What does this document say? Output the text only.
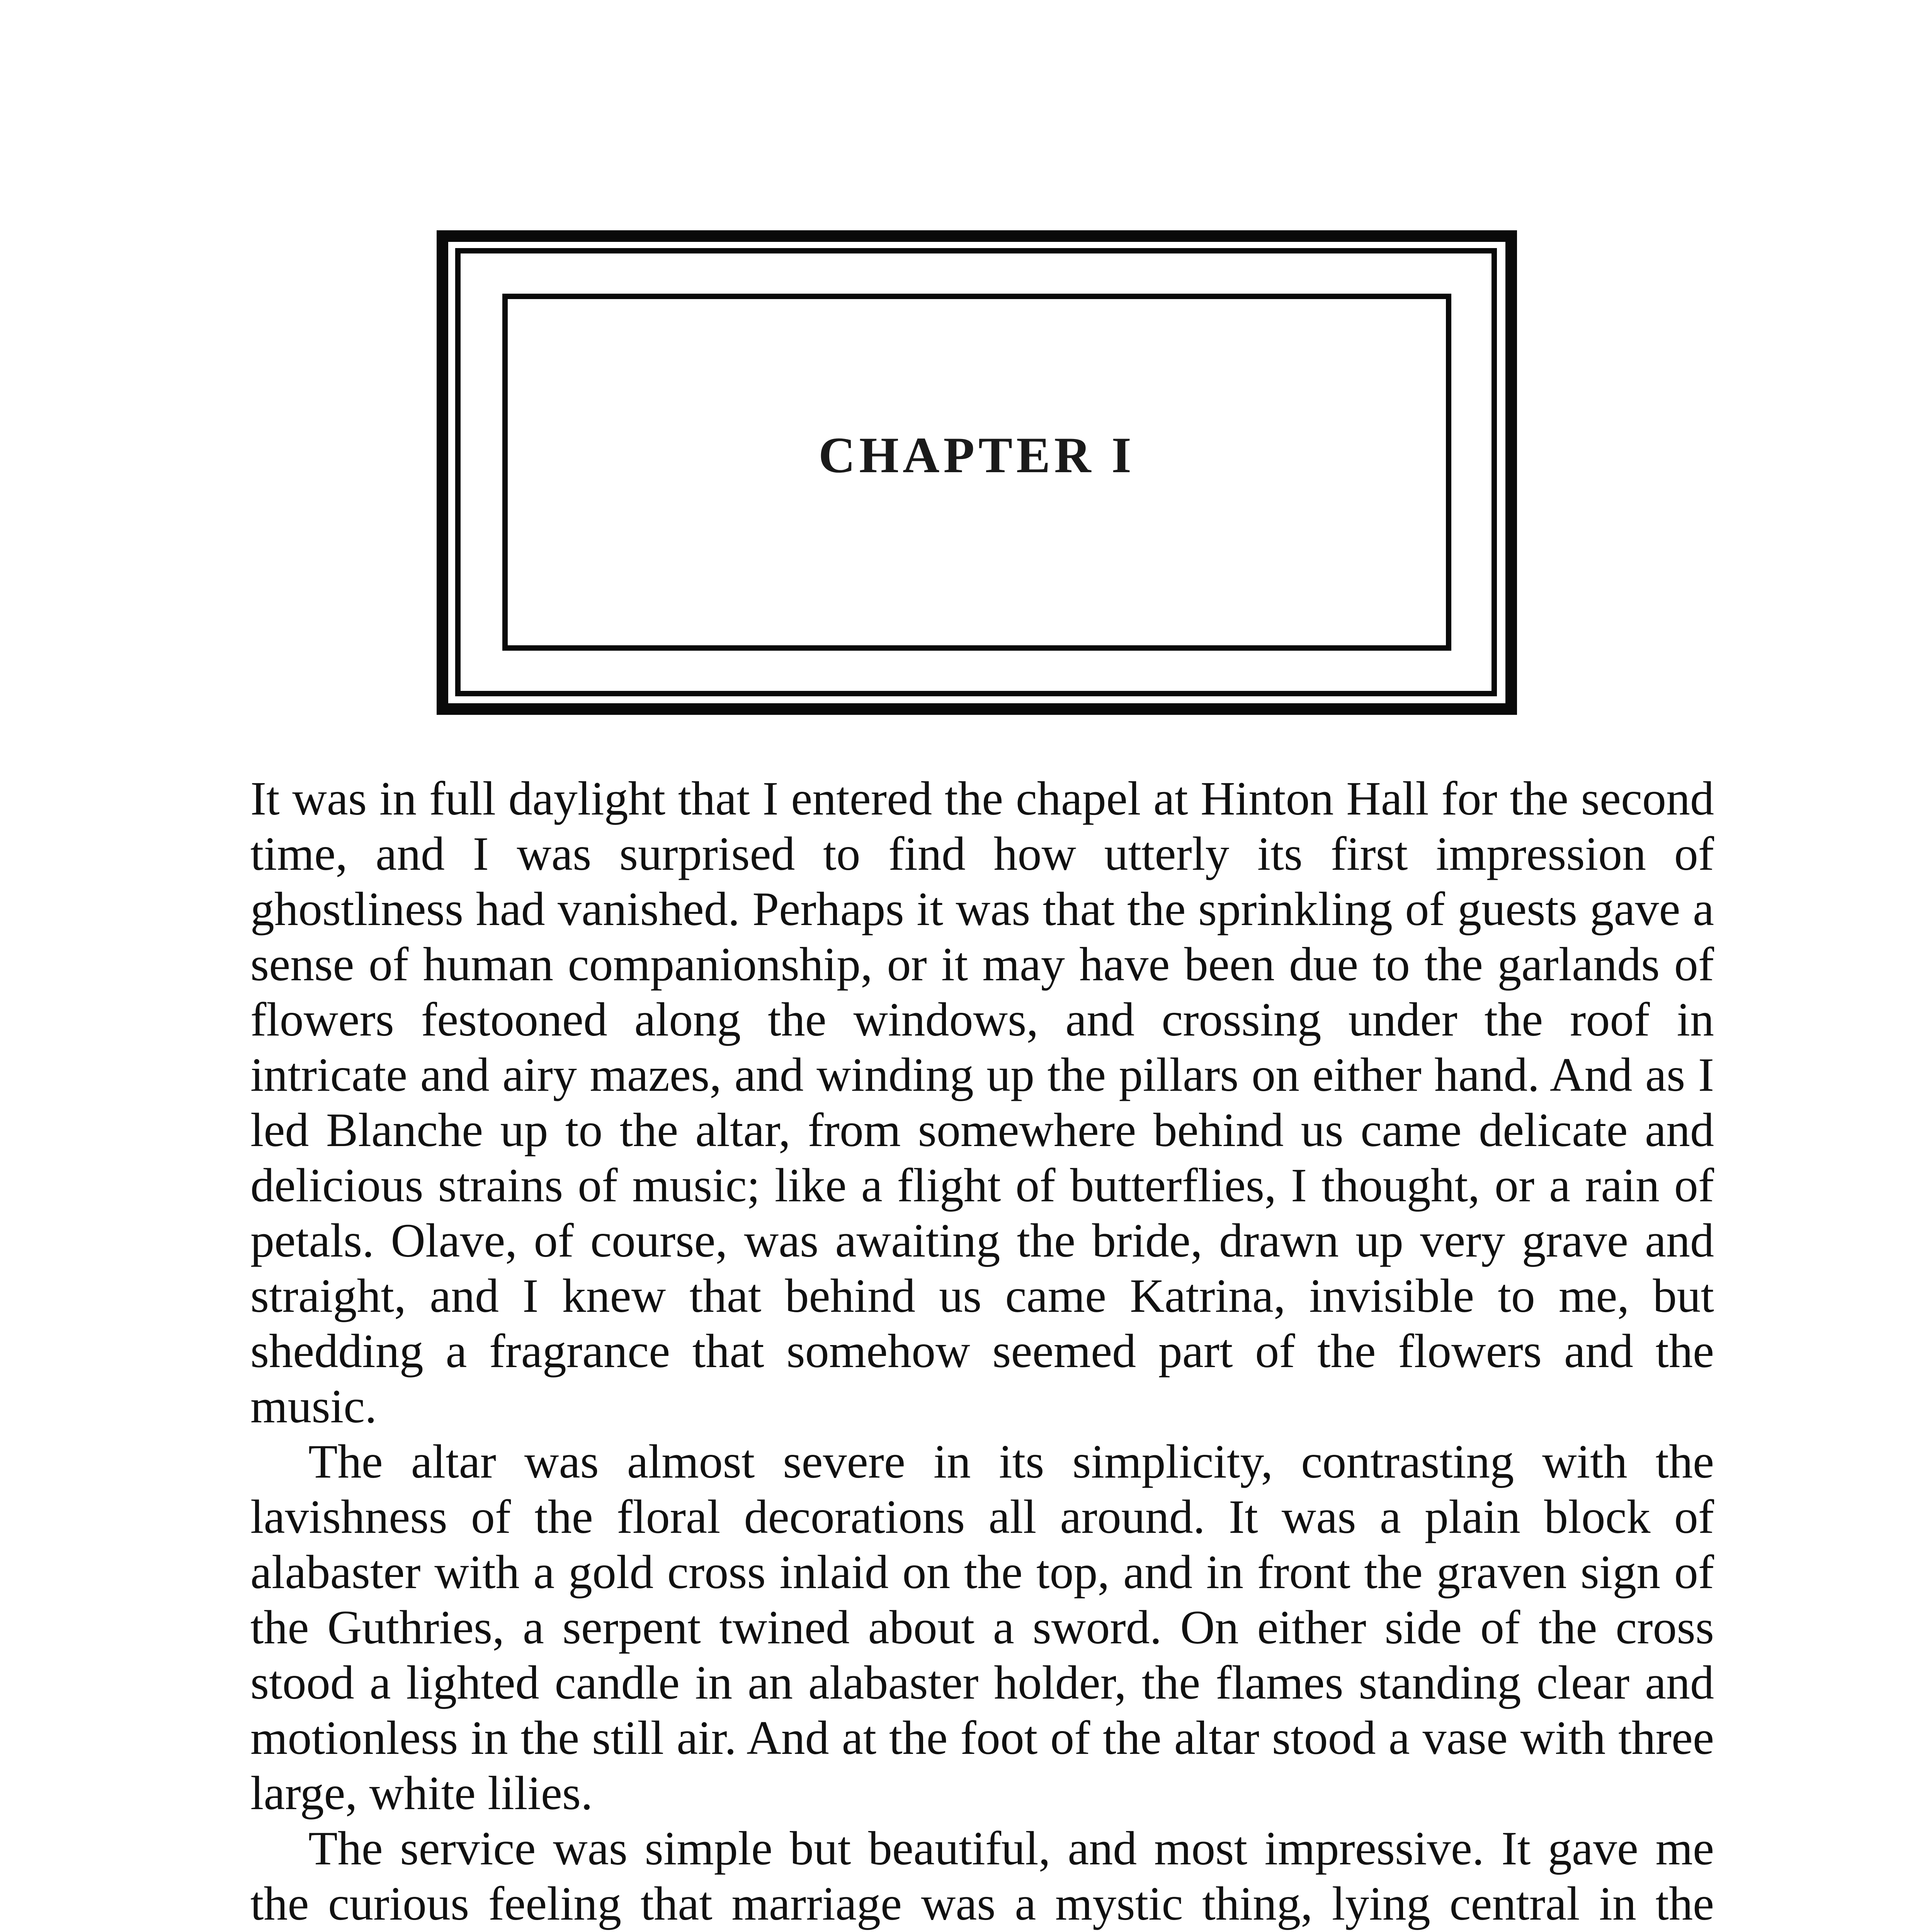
CHAPTER I

It was in full daylight that I entered the chapel at Hinton Hall for the second time, and I was surprised to find how utterly its first impression of ghostliness had vanished. Perhaps it was that the sprinkling of guests gave a sense of human companionship, or it may have been due to the garlands of flowers festooned along the windows, and crossing under the roof in intricate and airy mazes, and winding up the pillars on either hand. And as I led Blanche up to the altar, from somewhere behind us came delicate and delicious strains of music; like a flight of butterflies, I thought, or a rain of petals. Olave, of course, was awaiting the bride, drawn up very grave and straight, and I knew that behind us came Katrina, invisible to me, but shedding a fragrance that somehow seemed part of the flowers and the music.

The altar was almost severe in its simplicity, contrasting with the lavishness of the floral decorations all around. It was a plain block of alabaster with a gold cross inlaid on the top, and in front the graven sign of the Guthries, a serpent twined about a sword. On either side of the cross stood a lighted candle in an alabaster holder, the flames standing clear and motionless in the still air. And at the foot of the altar stood a vase with three large, white lilies.

The service was simple but beautiful, and most impressive. It gave me the curious feeling that marriage was a mystic thing, lying central in the
